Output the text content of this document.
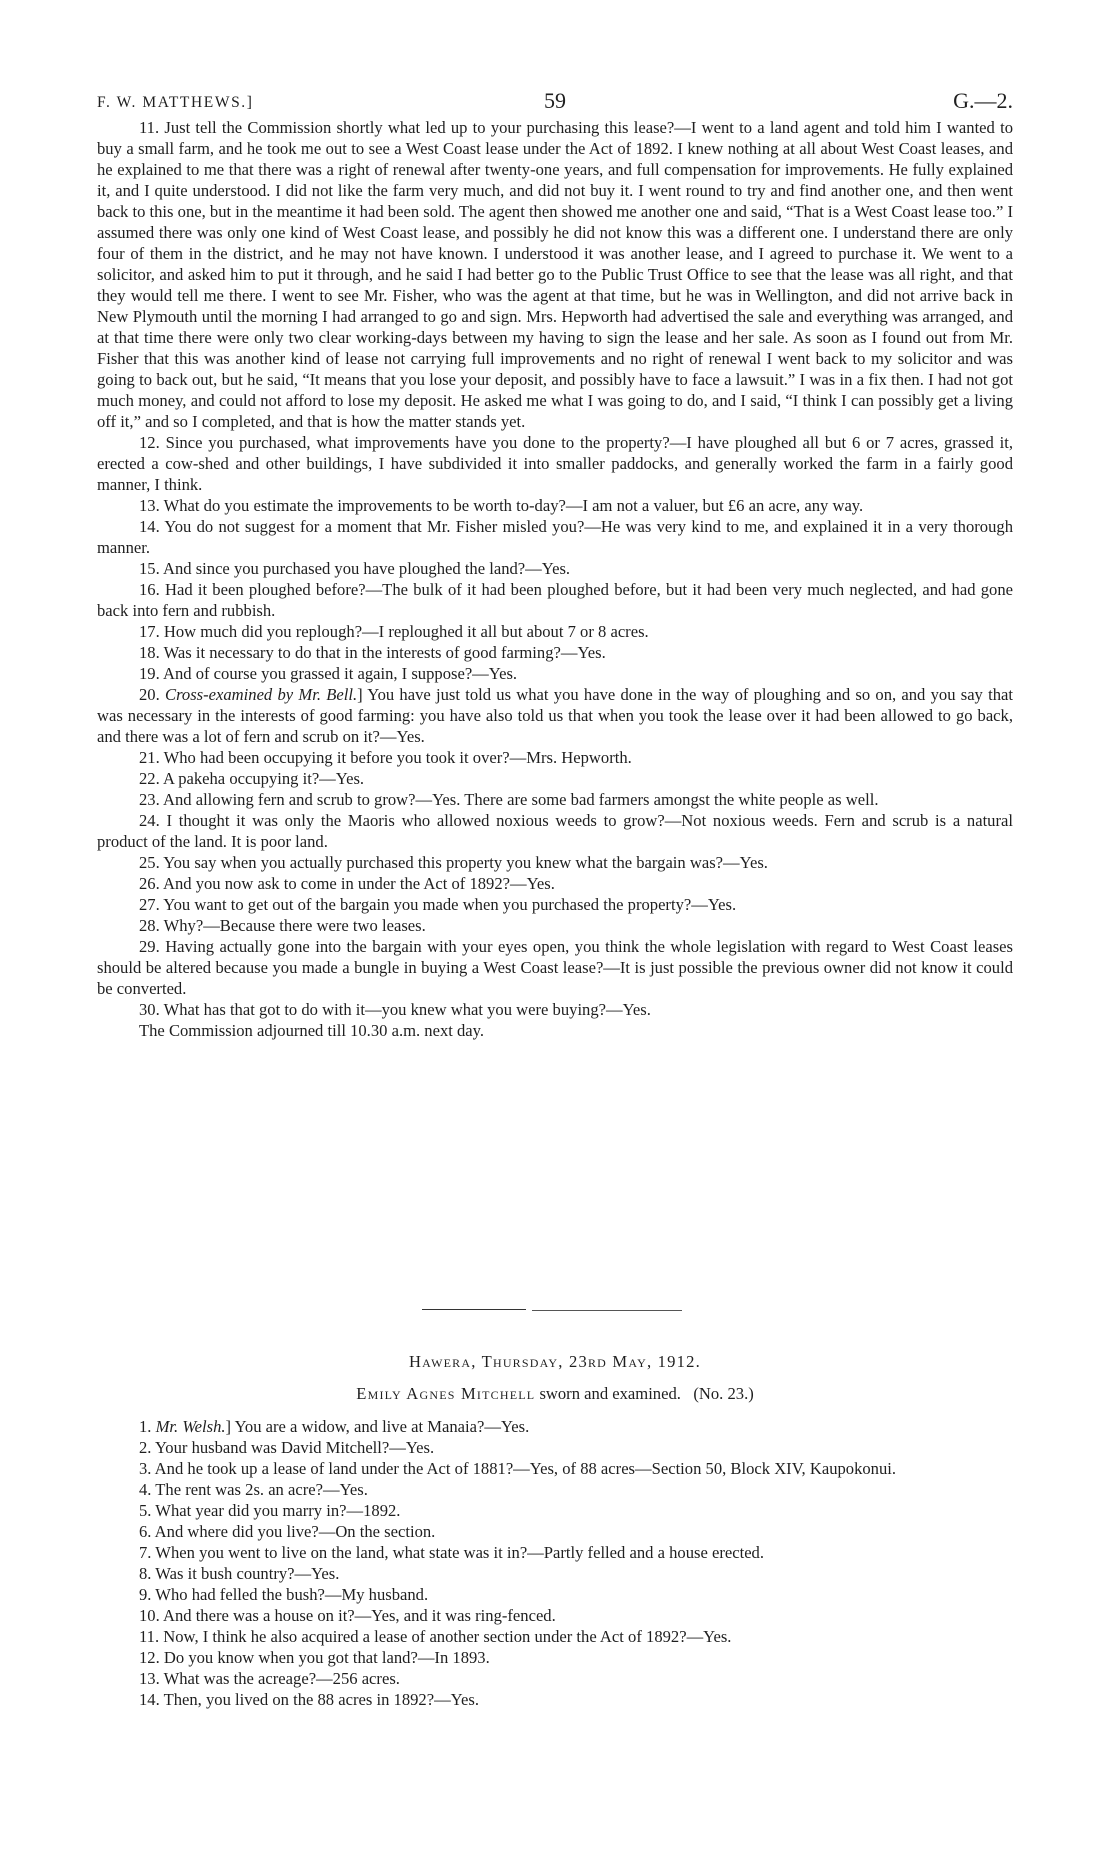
F. W. MATTHEWS.]	59	G.—2.

11. Just tell the Commission shortly what led up to your purchasing this lease?—I went to a land agent and told him I wanted to buy a small farm, and he took me out to see a West Coast lease under the Act of 1892. I knew nothing at all about West Coast leases, and he explained to me that there was a right of renewal after twenty-one years, and full compensation for improvements. He fully explained it, and I quite understood. I did not like the farm very much, and did not buy it. I went round to try and find another one, and then went back to this one, but in the meantime it had been sold. The agent then showed me another one and said, “That is a West Coast lease too.” I assumed there was only one kind of West Coast lease, and possibly he did not know this was a different one. I understand there are only four of them in the district, and he may not have known. I understood it was another lease, and I agreed to purchase it. We went to a solicitor, and asked him to put it through, and he said I had better go to the Public Trust Office to see that the lease was all right, and that they would tell me there. I went to see Mr. Fisher, who was the agent at that time, but he was in Wellington, and did not arrive back in New Plymouth until the morning I had arranged to go and sign. Mrs. Hepworth had advertised the sale and everything was arranged, and at that time there were only two clear working-days between my having to sign the lease and her sale. As soon as I found out from Mr. Fisher that this was another kind of lease not carrying full improvements and no right of renewal I went back to my solicitor and was going to back out, but he said, “It means that you lose your deposit, and possibly have to face a lawsuit.” I was in a fix then. I had not got much money, and could not afford to lose my deposit. He asked me what I was going to do, and I said, “I think I can possibly get a living off it,” and so I completed, and that is how the matter stands yet.

12. Since you purchased, what improvements have you done to the property?—I have ploughed all but 6 or 7 acres, grassed it, erected a cow-shed and other buildings, I have subdivided it into smaller paddocks, and generally worked the farm in a fairly good manner, I think.

13. What do you estimate the improvements to be worth to-day?—I am not a valuer, but £6 an acre, any way.

14. You do not suggest for a moment that Mr. Fisher misled you?—He was very kind to me, and explained it in a very thorough manner.

15. And since you purchased you have ploughed the land?—Yes.

16. Had it been ploughed before?—The bulk of it had been ploughed before, but it had been very much neglected, and had gone back into fern and rubbish.

17. How much did you replough?—I reploughed it all but about 7 or 8 acres.

18. Was it necessary to do that in the interests of good farming?—Yes.

19. And of course you grassed it again, I suppose?—Yes.

20. Cross-examined by Mr. Bell.] You have just told us what you have done in the way of ploughing and so on, and you say that was necessary in the interests of good farming: you have also told us that when you took the lease over it had been allowed to go back, and there was a lot of fern and scrub on it?—Yes.

21. Who had been occupying it before you took it over?—Mrs. Hepworth.

22. A pakeha occupying it?—Yes.

23. And allowing fern and scrub to grow?—Yes. There are some bad farmers amongst the white people as well.

24. I thought it was only the Maoris who allowed noxious weeds to grow?—Not noxious weeds. Fern and scrub is a natural product of the land. It is poor land.

25. You say when you actually purchased this property you knew what the bargain was?—Yes.

26. And you now ask to come in under the Act of 1892?—Yes.

27. You want to get out of the bargain you made when you purchased the property?—Yes.

28. Why?—Because there were two leases.

29. Having actually gone into the bargain with your eyes open, you think the whole legislation with regard to West Coast leases should be altered because you made a bungle in buying a West Coast lease?—It is just possible the previous owner did not know it could be converted.

30. What has that got to do with it—you knew what you were buying?—Yes.

The Commission adjourned till 10.30 a.m. next day.

Hawera, Thursday, 23rd May, 1912.
Emily Agnes Mitchell sworn and examined. (No. 23.)

1. Mr. Welsh.] You are a widow, and live at Manaia?—Yes.

2. Your husband was David Mitchell?—Yes.

3. And he took up a lease of land under the Act of 1881?—Yes, of 88 acres—Section 50, Block XIV, Kaupokonui.

4. The rent was 2s. an acre?—Yes.

5. What year did you marry in?—1892.

6. And where did you live?—On the section.

7. When you went to live on the land, what state was it in?—Partly felled and a house erected.

8. Was it bush country?—Yes.

9. Who had felled the bush?—My husband.

10. And there was a house on it?—Yes, and it was ring-fenced.

11. Now, I think he also acquired a lease of another section under the Act of 1892?—Yes.

12. Do you know when you got that land?—In 1893.

13. What was the acreage?—256 acres.

14. Then, you lived on the 88 acres in 1892?—Yes.
